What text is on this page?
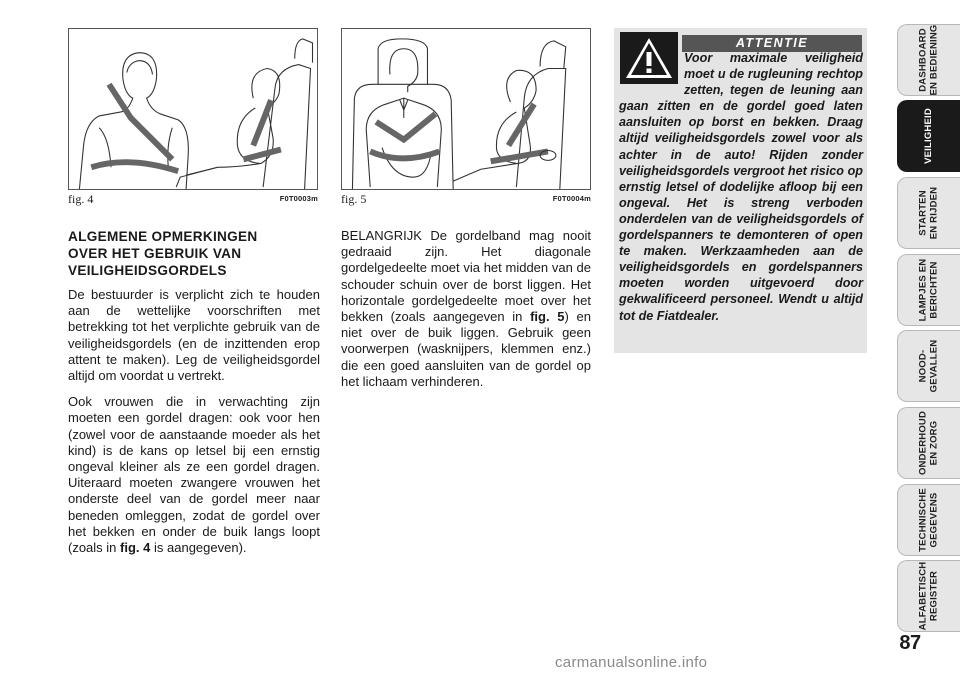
fig. 4	F0T0003m fig. 5	F0T0004m
ALGEMENE OPMERKINGEN
OVER HET GEBRUIK VAN
VEILIGHEIDSGORDELS

De bestuurder is verplicht zich te houden aan de wettelijke voorschriften met betrekking tot het verplichte gebruik van de veiligheidsgordels (en de inzittenden erop attent te maken). Leg de veiligheidsgordel altijd om voordat u vertrekt.

Ook vrouwen die in verwachting zijn moeten een gordel dragen: ook voor hen (zowel voor de aanstaande moeder als het kind) is de kans op letsel bij een ernstig ongeval kleiner als ze een gordel dragen. Uiteraard moeten zwangere vrouwen het onderste deel van de gordel meer naar beneden omleggen, zodat de gordel over het bekken en onder de buik langs loopt (zoals in fig. 4 is aangegeven).

BELANGRIJK De gordelband mag nooit gedraaid zijn. Het diagonale gordelgedeelte moet via het midden van de schouder schuin over de borst liggen. Het horizontale gordelgedeelte moet over het bekken (zoals aangegeven in fig. 5) en niet over de buik liggen. Gebruik geen voorwerpen (wasknijpers, klemmen enz.) die een goed aansluiten van de gordel op het lichaam verhinderen.

ATTENTIE
Voor maximale veiligheid moet u de rugleuning rechtop zetten, tegen de leuning aan gaan zitten en de gordel goed laten aansluiten op borst en bekken. Draag altijd veiligheidsgordels zowel voor als achter in de auto! Rijden zonder veiligheidsgordels vergroot het risico op ernstig letsel of dodelijke afloop bij een ongeval. Het is streng verboden onderdelen van de veiligheidsgordels of gordelspanners te demonteren of open te maken. Werkzaamheden aan de veiligheidsgordels en gordelspanners moeten worden uitgevoerd door gekwalificeerd personeel. Wendt u altijd tot de Fiatdealer.
DASHBOARD
EN BEDIENING
VEILIGHEID
STARTEN
EN RIJDEN
LAMPJES EN
BERICHTEN
NOOD-
GEVALLEN
ONDERHOUD
EN ZORG
TECHNISCHE
GEGEVENS
ALFABETISCH
REGISTER
87
carmanualsonline.info
